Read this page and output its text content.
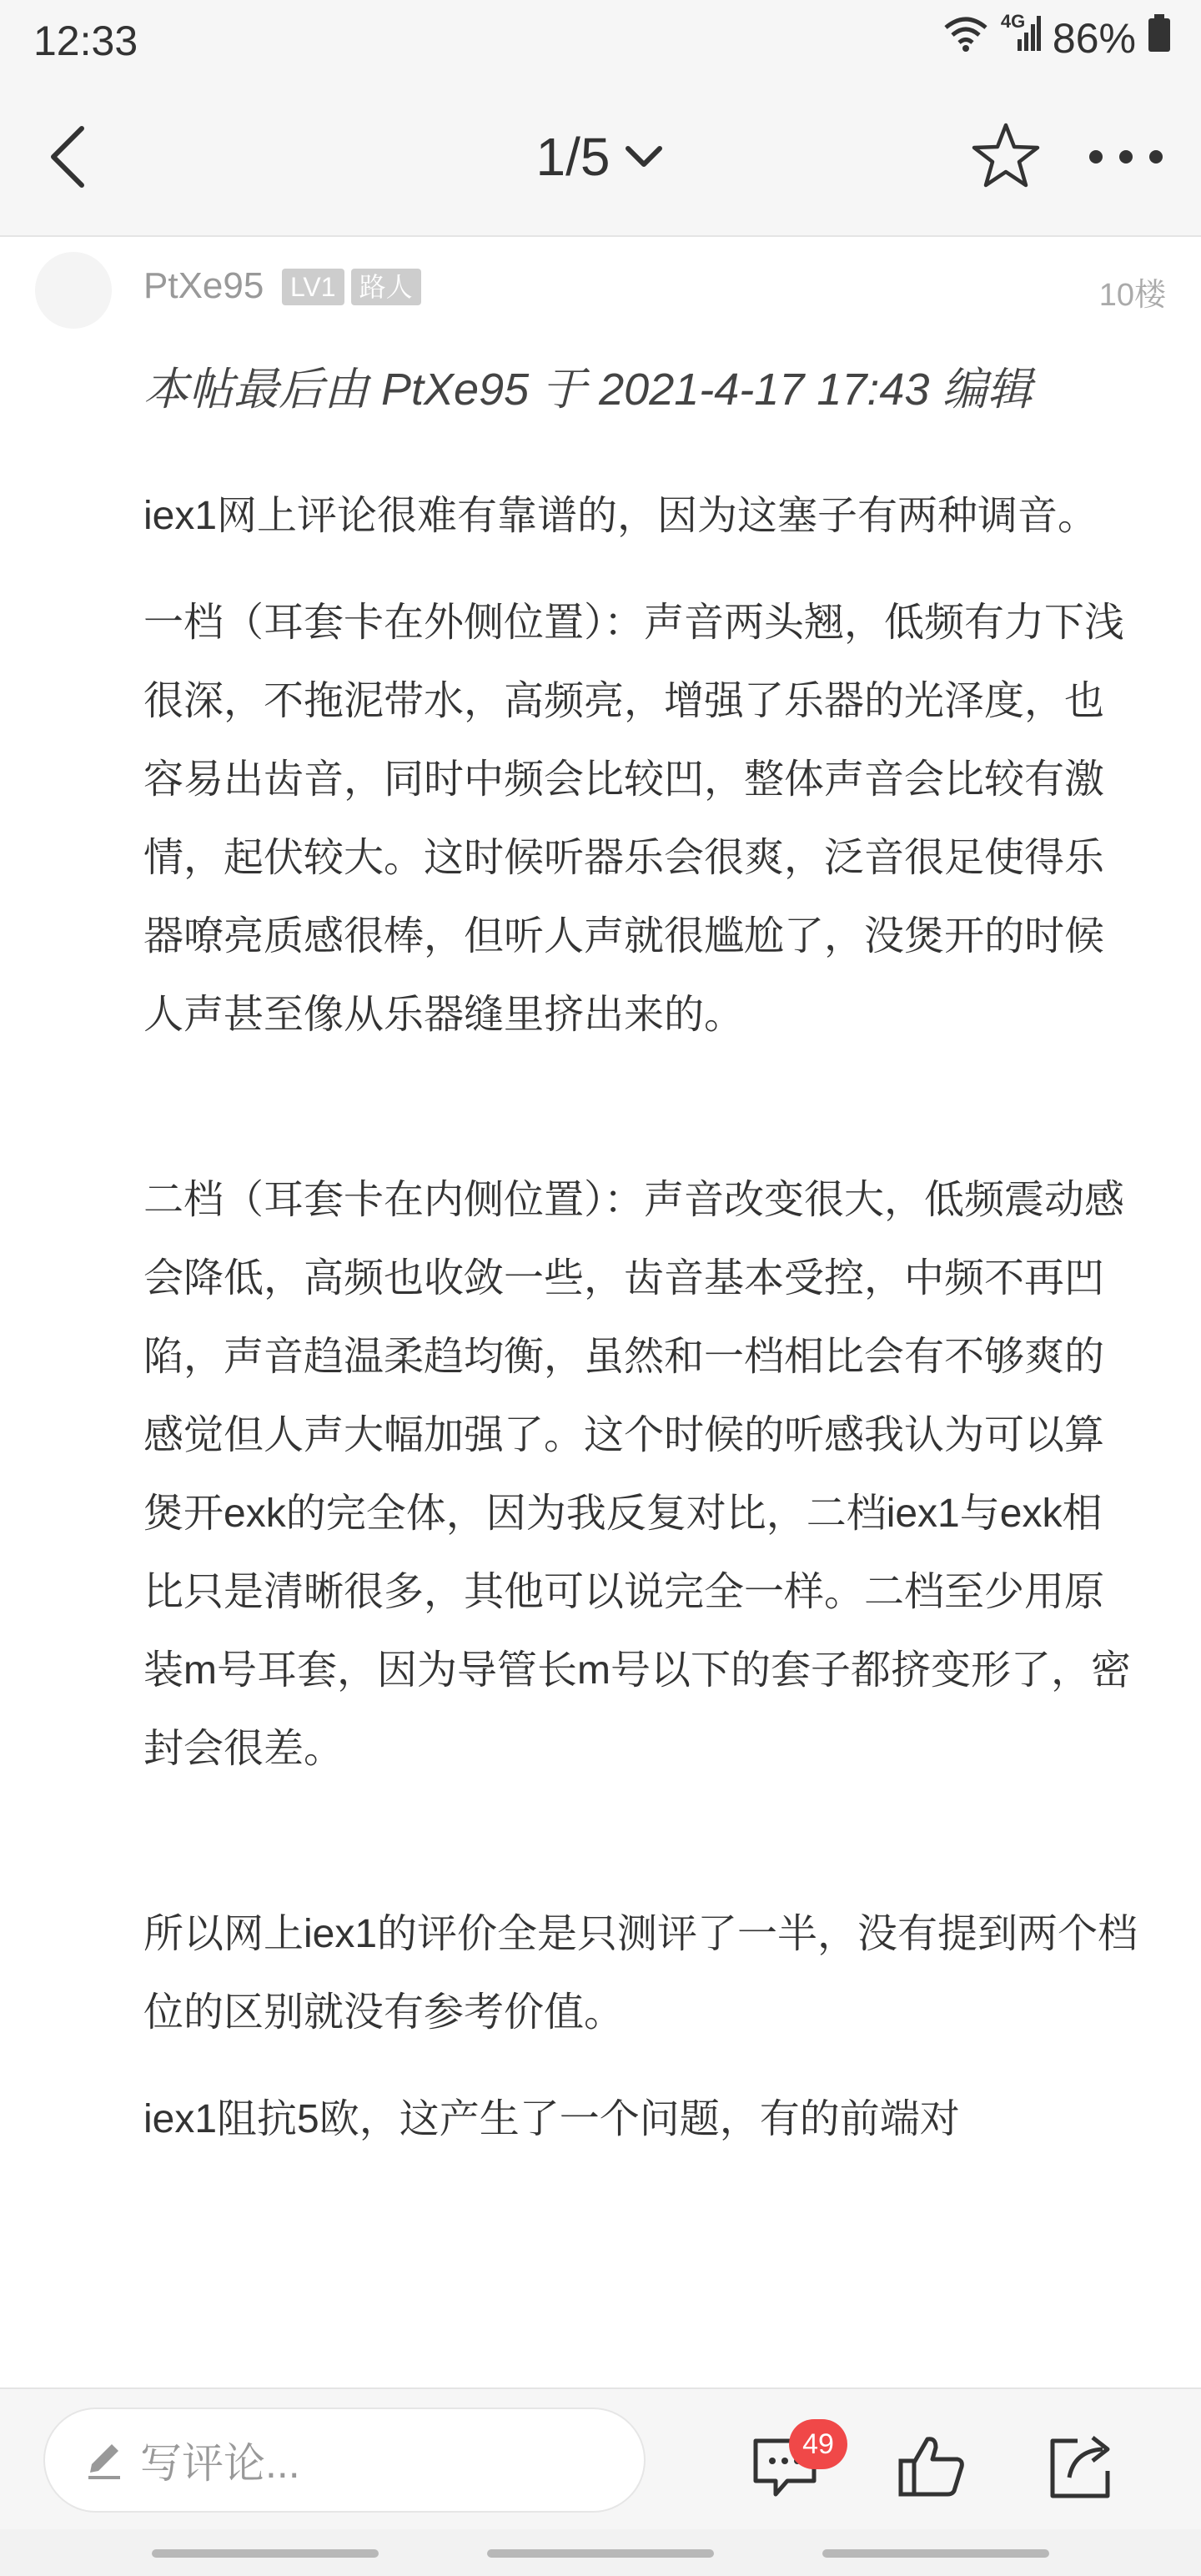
12:33	4G 86%
1/5
PtXe95 LV1 路人	10楼
本帖最后由 PtXe95 于 2021-4-17 17:43 编辑

iex1网上评论很难有靠谱的，因为这塞子有两种调音。

一档（耳套卡在外侧位置）：声音两头翘，低频有力下浅很深，不拖泥带水，高频亮，增强了乐器的光泽度，也容易出齿音，同时中频会比较凹，整体声音会比较有激情，起伏较大。这时候听器乐会很爽，泛音很足使得乐器嘹亮质感很棒，但听人声就很尴尬了，没煲开的时候人声甚至像从乐器缝里挤出来的。

二档（耳套卡在内侧位置）：声音改变很大，低频震动感会降低，高频也收敛一些，齿音基本受控，中频不再凹陷，声音趋温柔趋均衡，虽然和一档相比会有不够爽的感觉但人声大幅加强了。这个时候的听感我认为可以算煲开exk的完全体，因为我反复对比，二档iex1与exk相比只是清晰很多，其他可以说完全一样。二档至少用原装m号耳套，因为导管长m号以下的套子都挤变形了，密封会很差。

所以网上iex1的评价全是只测评了一半，没有提到两个档位的区别就没有参考价值。

iex1阻抗5欧，这产生了一个问题，有的前端对

写评论...	49
